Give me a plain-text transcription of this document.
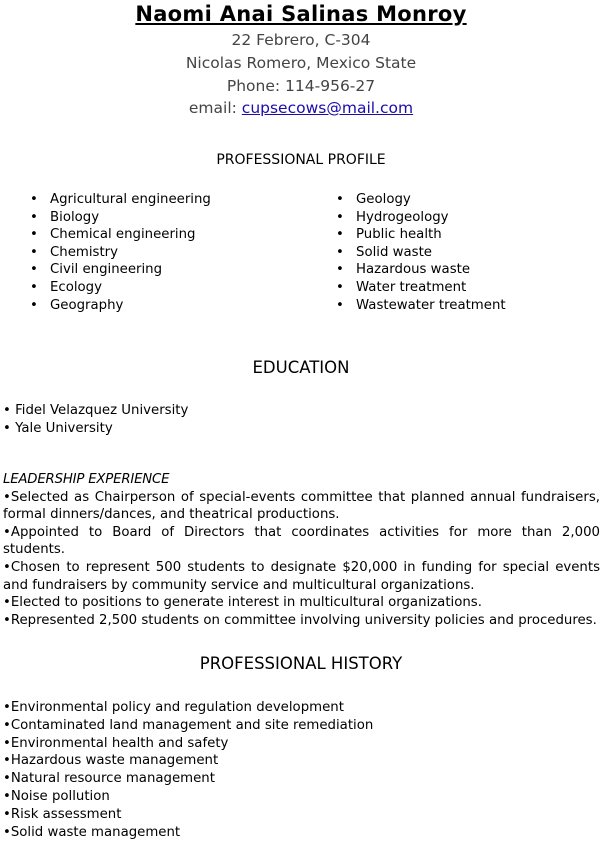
Naomi Anai Salinas Monroy
22 Febrero, C-304
Nicolas Romero, Mexico State
Phone: 114-956-27
email: cupsecows@mail.com
PROFESSIONAL PROFILE
• Agricultural engineering
• Biology
• Chemical engineering
• Chemistry
• Civil engineering
• Ecology
• Geography
• Geology
• Hydrogeology
• Public health
• Solid waste
• Hazardous waste
• Water treatment
• Wastewater treatment
EDUCATION
• Fidel Velazquez University
• Yale University
LEADERSHIP EXPERIENCE
•Selected as Chairperson of special-events committee that planned annual fundraisers, formal dinners/dances, and theatrical productions.
•Appointed to Board of Directors that coordinates activities for more than 2,000 students.
•Chosen to represent 500 students to designate $20,000 in funding for special events and fundraisers by community service and multicultural organizations.
•Elected to positions to generate interest in multicultural organizations.
•Represented 2,500 students on committee involving university policies and procedures.
PROFESSIONAL HISTORY
•Environmental policy and regulation development
•Contaminated land management and site remediation
•Environmental health and safety
•Hazardous waste management
•Natural resource management
•Noise pollution
•Risk assessment
•Solid waste management
